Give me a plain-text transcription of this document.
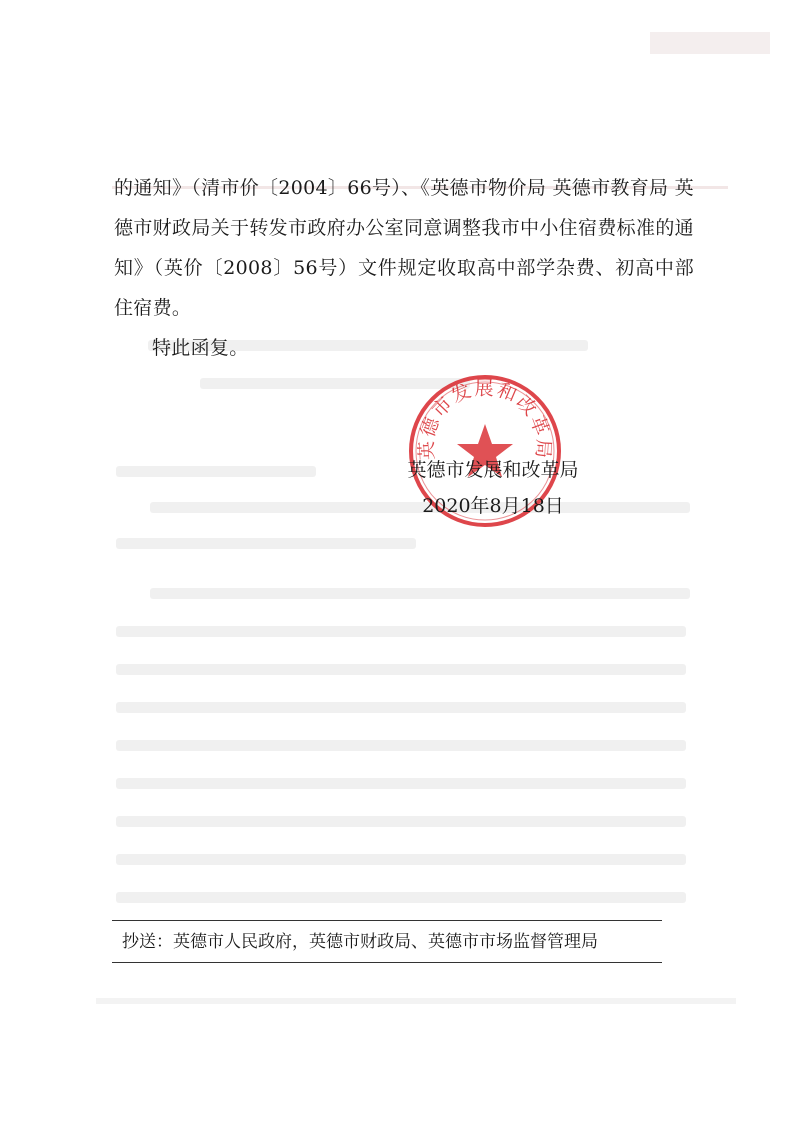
的通知》（清市价〔2004〕66号）、《英德市物价局 英德市教育局 英德市财政局关于转发市政府办公室同意调整我市中小住宿费标准的通知》（英价〔2008〕56号）文件规定收取高中部学杂费、初高中部住宿费。

特此函复。

英德市发展和改革局
英德市发展和改革局
2020年8月18日
抄送：英德市人民政府，英德市财政局、英德市市场监督管理局
